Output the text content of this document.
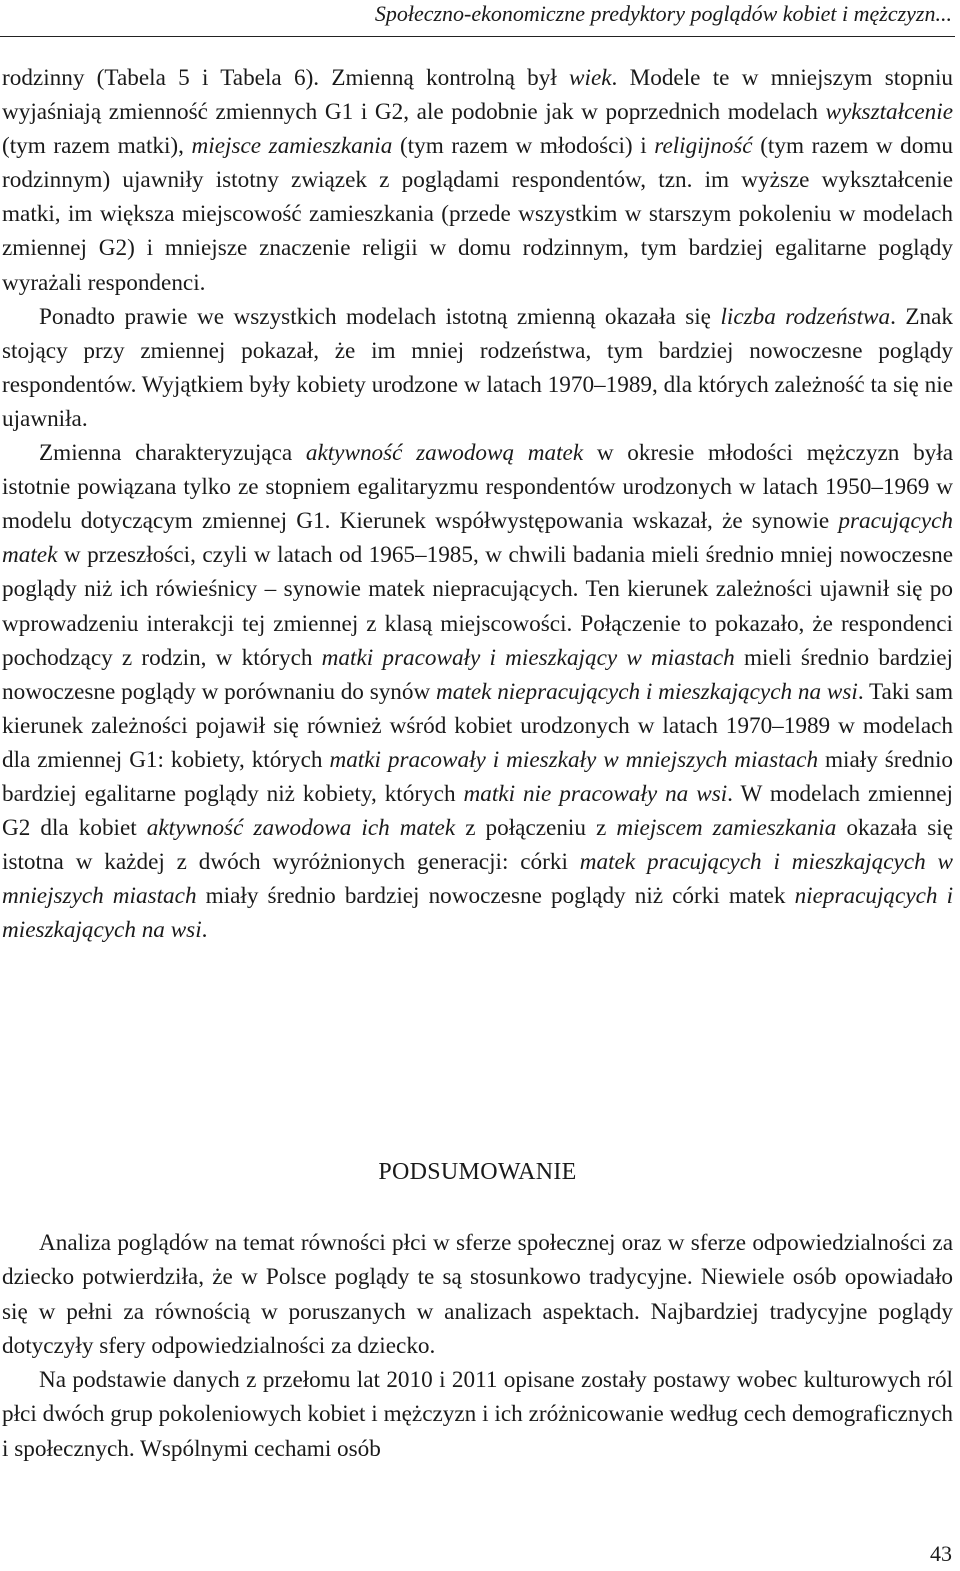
Społeczno-ekonomiczne predyktory poglądów kobiet i mężczyzn...

rodzinny (Tabela 5 i Tabela 6). Zmienną kontrolną był wiek. Modele te w mniejszym stopniu wyjaśniają zmienność zmiennych G1 i G2, ale podobnie jak w poprzednich modelach wykształcenie (tym razem matki), miejsce zamieszkania (tym razem w młodości) i religijność (tym razem w domu rodzinnym) ujawniły istotny związek z poglądami respondentów, tzn. im wyższe wykształcenie matki, im większa miejscowość zamieszkania (przede wszystkim w starszym pokoleniu w modelach zmiennej G2) i mniejsze znaczenie religii w domu rodzinnym, tym bardziej egalitarne poglądy wyrażali respondenci.

Ponadto prawie we wszystkich modelach istotną zmienną okazała się liczba rodzeństwa. Znak stojący przy zmiennej pokazał, że im mniej rodzeństwa, tym bardziej nowoczesne poglądy respondentów. Wyjątkiem były kobiety urodzone w latach 1970–1989, dla których zależność ta się nie ujawniła.

Zmienna charakteryzująca aktywność zawodową matek w okresie młodości mężczyzn była istotnie powiązana tylko ze stopniem egalitaryzmu respondentów urodzonych w latach 1950–1969 w modelu dotyczącym zmiennej G1. Kierunek współwystępowania wskazał, że synowie pracujących matek w przeszłości, czyli w latach od 1965–1985, w chwili badania mieli średnio mniej nowoczesne poglądy niż ich rówieśnicy – synowie matek niepracujących. Ten kierunek zależności ujawnił się po wprowadzeniu interakcji tej zmiennej z klasą miejscowości. Połączenie to pokazało, że respondenci pochodzący z rodzin, w których matki pracowały i mieszkający w miastach mieli średnio bardziej nowoczesne poglądy w porównaniu do synów matek niepracujących i mieszkających na wsi. Taki sam kierunek zależności pojawił się również wśród kobiet urodzonych w latach 1970–1989 w modelach dla zmiennej G1: kobiety, których matki pracowały i mieszkały w mniejszych miastach miały średnio bardziej egalitarne poglądy niż kobiety, których matki nie pracowały na wsi. W modelach zmiennej G2 dla kobiet aktywność zawodowa ich matek z połączeniu z miejscem zamieszkania okazała się istotna w każdej z dwóch wyróżnionych generacji: córki matek pracujących i mieszkających w mniejszych miastach miały średnio bardziej nowoczesne poglądy niż córki matek niepracujących i mieszkających na wsi.

PODSUMOWANIE

Analiza poglądów na temat równości płci w sferze społecznej oraz w sferze odpowiedzialności za dziecko potwierdziła, że w Polsce poglądy te są stosunkowo tradycyjne. Niewiele osób opowiadało się w pełni za równością w poruszanych w analizach aspektach. Najbardziej tradycyjne poglądy dotyczyły sfery odpowiedzialności za dziecko.

Na podstawie danych z przełomu lat 2010 i 2011 opisane zostały postawy wobec kulturowych ról płci dwóch grup pokoleniowych kobiet i mężczyzn i ich zróżnicowanie według cech demograficznych i społecznych. Wspólnymi cechami osób

43
